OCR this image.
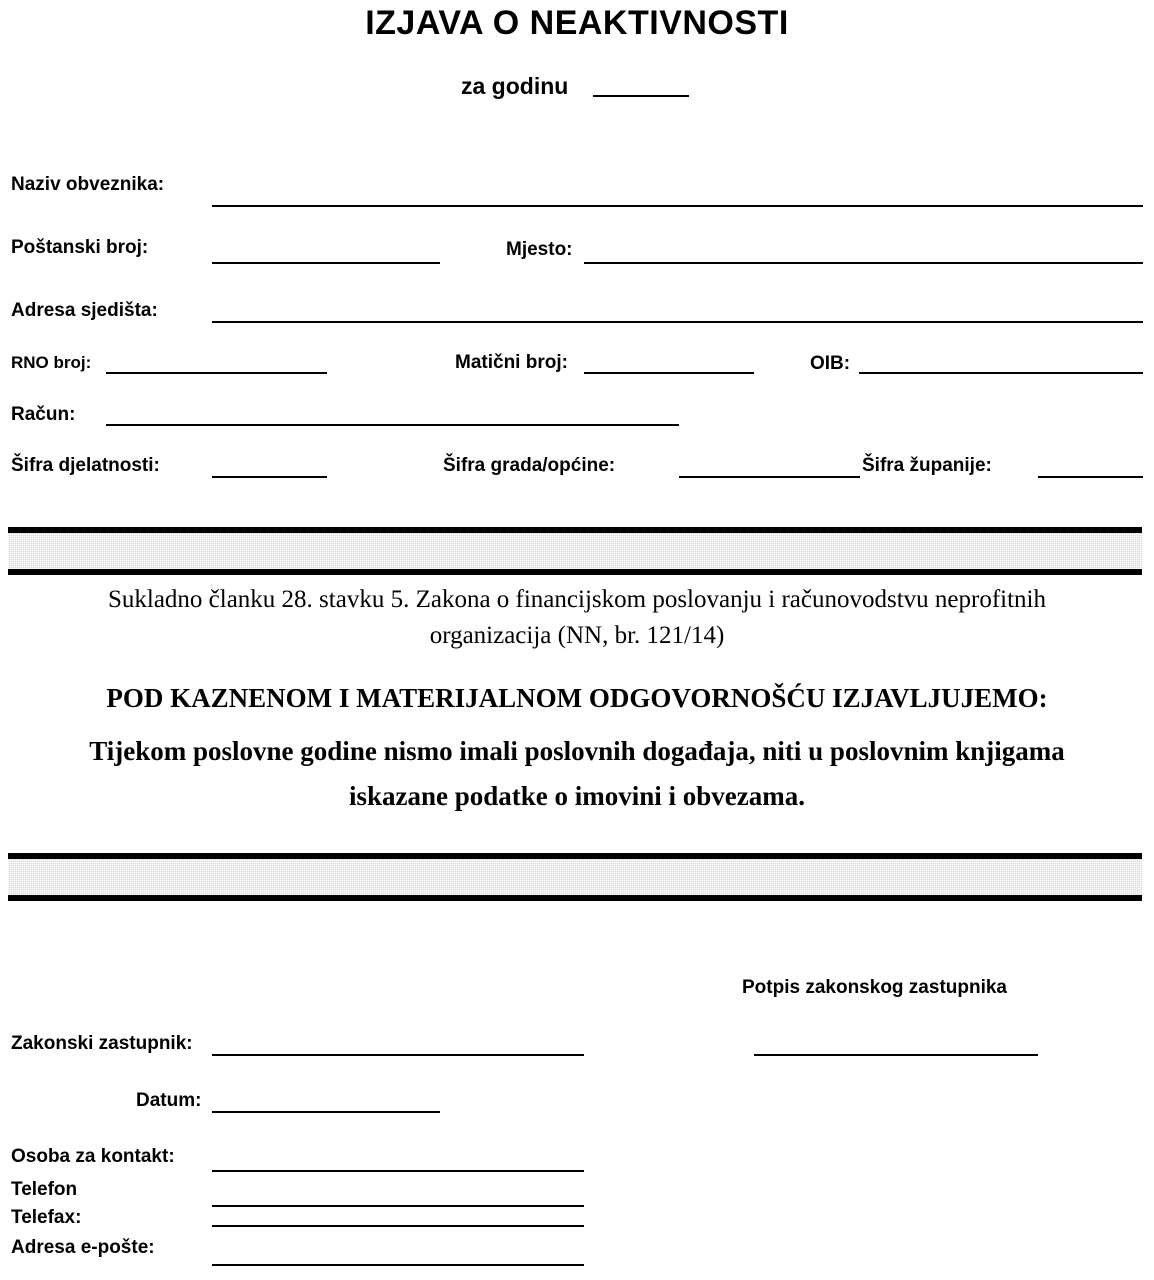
IZJAVA O NEAKTIVNOSTI
za godinu
Naziv obveznika:
Poštanski broj:	Mjesto:
Adresa sjedišta:
RNO broj:	Matični broj:	OIB:
Račun:
Šifra djelatnosti:	Šifra grada/općine:	Šifra županije:
Sukladno članku 28. stavku 5. Zakona o financijskom poslovanju i računovodstvu neprofitnih
organizacija (NN, br. 121/14)
POD KAZNENOM I MATERIJALNOM ODGOVORNOŠĆU IZJAVLJUJEMO:
Tijekom poslovne godine nismo imali poslovnih događaja, niti u poslovnim knjigama
iskazane podatke o imovini i obvezama.
Potpis zakonskog zastupnika
Zakonski zastupnik:
Datum:
Osoba za kontakt:
Telefon
Telefax:
Adresa e-pošte:
